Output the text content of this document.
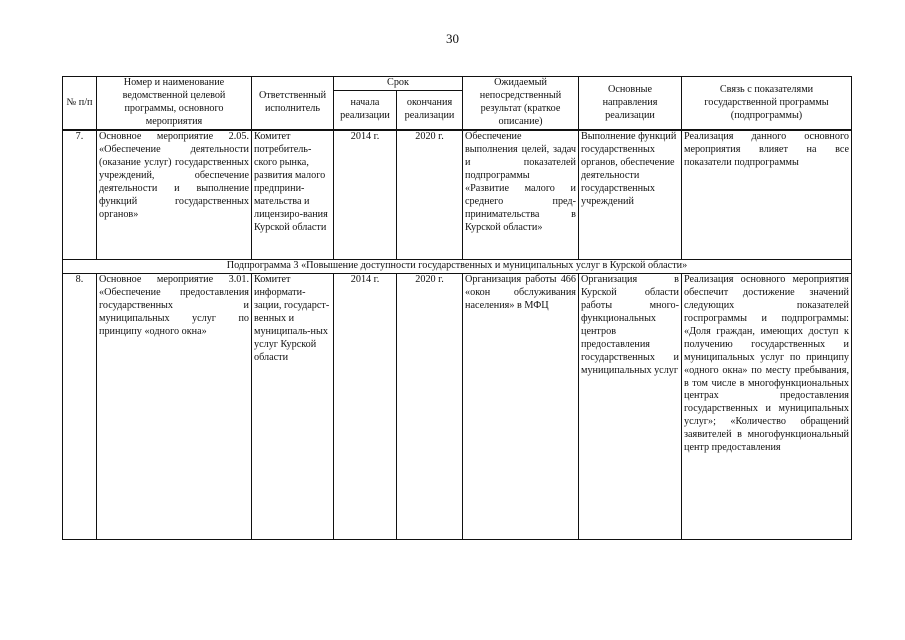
30
№ п/п	Номер и наименование ведомственной целевой программы, основного мероприятия	Ответственный исполнитель	Срок		Ожидаемый непосредственный результат (краткое описание)	Основные направления реализации	Связь с показателями государственной программы (подпрограммы)
			начала реализации	окончания реализации			
7.	Основное мероприятие 2.05. «Обеспечение деятельности (оказание услуг) государственных учреждений, обеспечение деятельности и выполнение функций государственных органов»	Комитет потребитель-ского рынка, развития малого предприни-мательства и лицензиро-вания Курской области	2014 г.	2020 г.	Обеспечение выполнения целей, задач и показателей подпрограммы «Развитие малого и среднего пред-принимательства в Курской области»	Выполнение функций государственных органов, обеспечение деятельности государственных учреждений	Реализация данного основного мероприятия влияет на все показатели подпрограммы
Подпрограмма 3 «Повышение доступности государственных и муниципальных услуг в Курской области»							
8.	Основное мероприятие 3.01. «Обеспечение предоставления государственных и муниципальных услуг по принципу «одного окна»	Комитет информати-зации, государст-венных и муниципаль-ных услуг Курской области	2014 г.	2020 г.	Организация работы 466 «окон обслуживания населения» в МФЦ	Организация в Курской области работы много-функциональных центров предоставления государственных и муниципальных услуг	Реализация основного мероприятия обеспечит достижение значений следующих показателей госпрограммы и подпрограммы: «Доля граждан, имеющих доступ к получению государственных и муниципальных услуг по принципу «одного окна» по месту пребывания, в том числе в многофункциональных центрах предоставления государственных и муниципальных услуг»; «Количество обращений заявителей в многофункциональный центр предоставления
